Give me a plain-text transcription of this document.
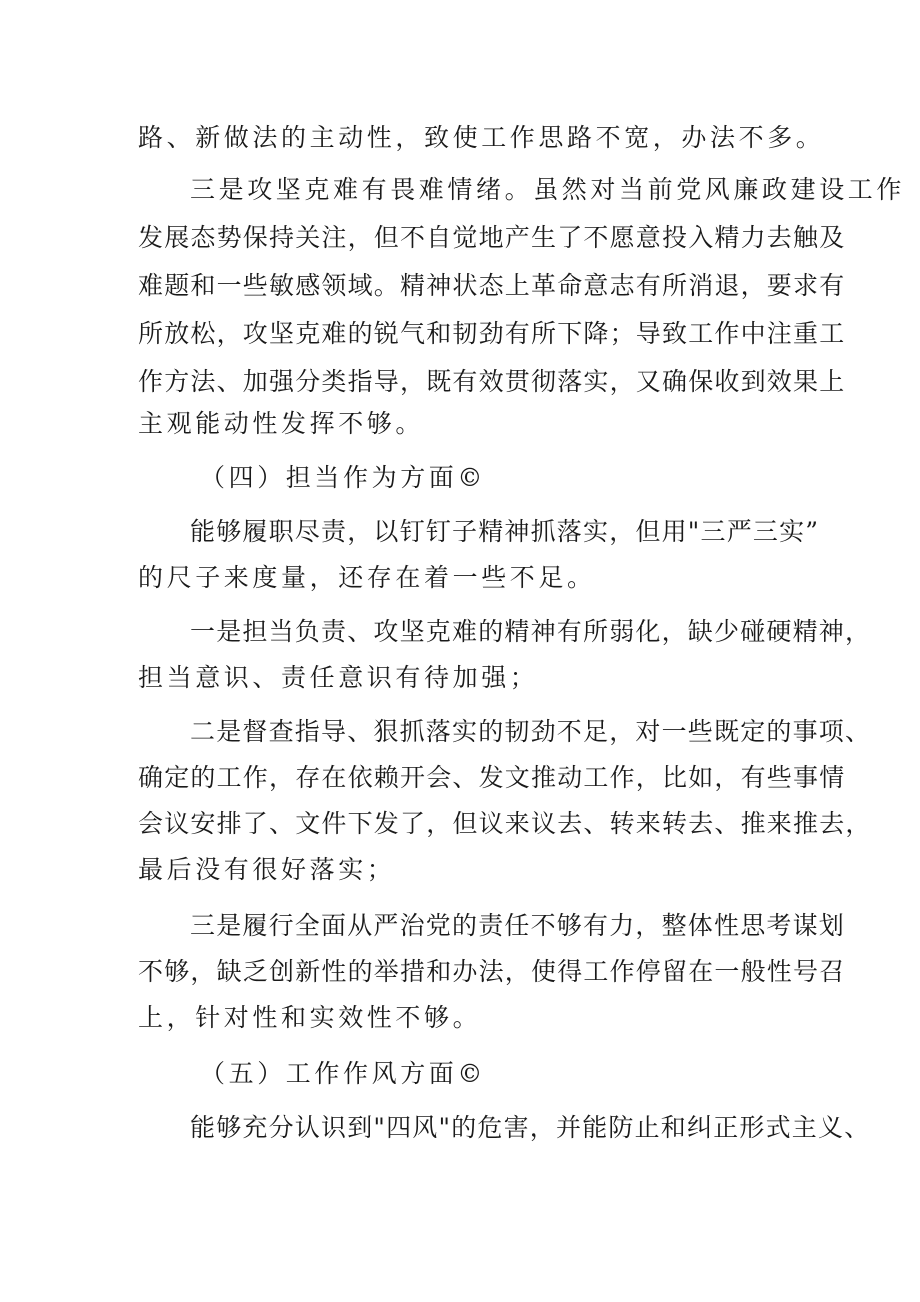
路、新做法的主动性，致使工作思路不宽，办法不多。
三是攻坚克难有畏难情绪。虽然对当前党风廉政建设工作
发展态势保持关注，但不自觉地产生了不愿意投入精力去触及
难题和一些敏感领域。精神状态上革命意志有所消退，要求有
所放松，攻坚克难的锐气和韧劲有所下降；导致工作中注重工
作方法、加强分类指导，既有效贯彻落实，又确保收到效果上
主观能动性发挥不够。
（四）担当作为方面©
能够履职尽责，以钉钉子精神抓落实，但用"三严三实”
的尺子来度量，还存在着一些不足。
一是担当负责、攻坚克难的精神有所弱化，缺少碰硬精神，
担当意识、责任意识有待加强；
二是督查指导、狠抓落实的韧劲不足，对一些既定的事项、
确定的工作，存在依赖开会、发文推动工作，比如，有些事情
会议安排了、文件下发了，但议来议去、转来转去、推来推去，
最后没有很好落实；
三是履行全面从严治党的责任不够有力，整体性思考谋划
不够，缺乏创新性的举措和办法，使得工作停留在一般性号召
上，针对性和实效性不够。
（五）工作作风方面©
能够充分认识到"四风"的危害，并能防止和纠正形式主义、
